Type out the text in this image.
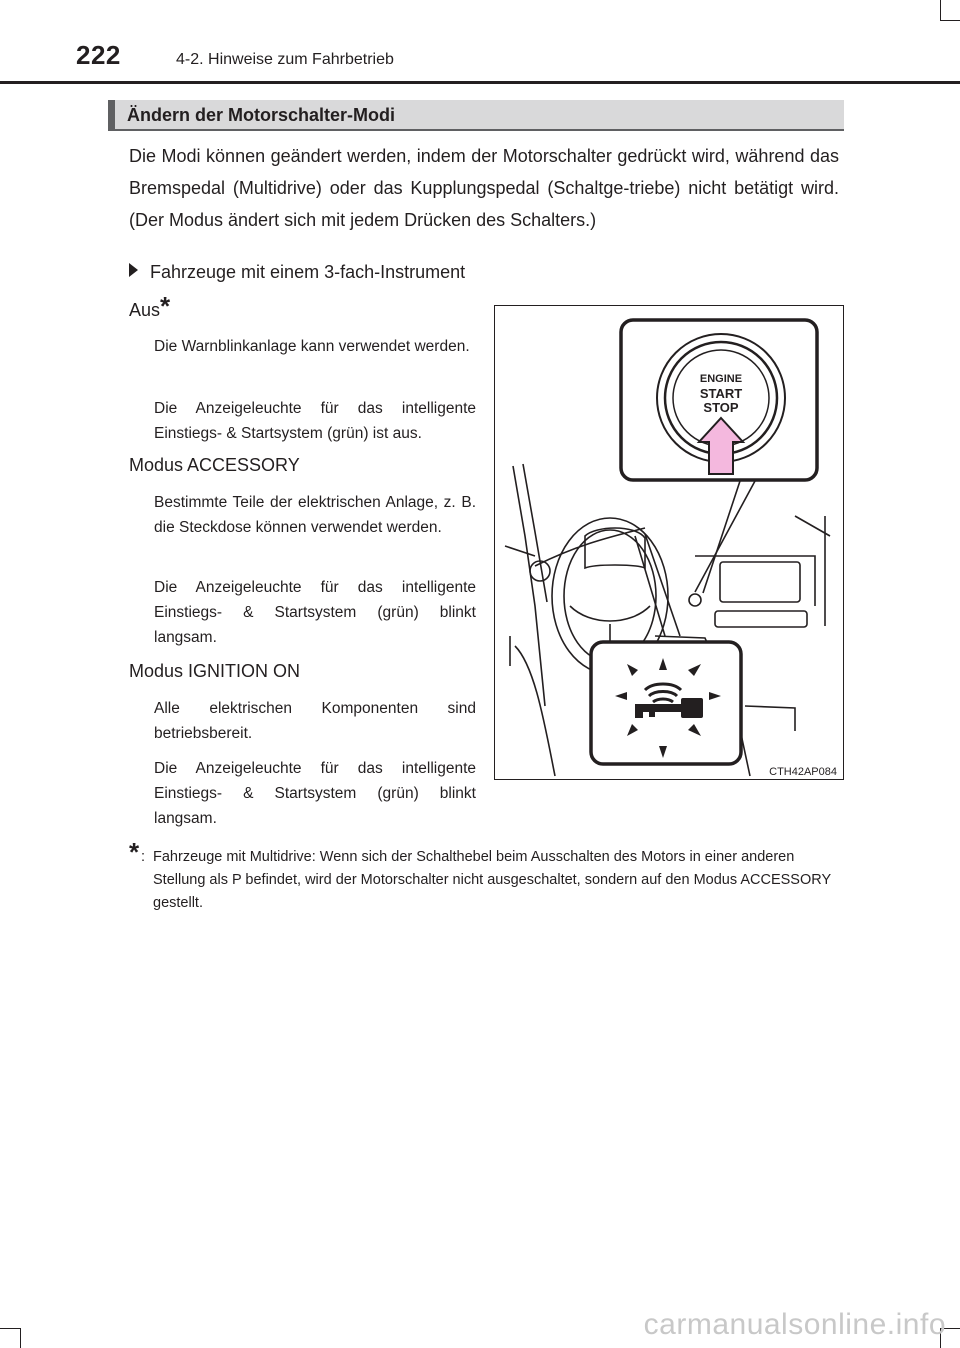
222	4-2. Hinweise zum Fahrbetrieb
Ändern der Motorschalter-Modi
Die Modi können geändert werden, indem der Motorschalter gedrückt wird, während das Bremspedal (Multidrive) oder das Kupplungspedal (Schaltge-triebe) nicht betätigt wird. (Der Modus ändert sich mit jedem Drücken des Schalters.)
Fahrzeuge mit einem 3-fach-Instrument
Aus*
Die Warnblinkanlage kann verwendet werden.
Die Anzeigeleuchte für das intelligente Einstiegs- & Startsystem (grün) ist aus.
Modus ACCESSORY
Bestimmte Teile der elektrischen Anlage, z. B. die Steckdose können verwendet werden.
Die Anzeigeleuchte für das intelligente Einstiegs- & Startsystem (grün) blinkt langsam.
Modus IGNITION ON
Alle elektrischen Komponenten sind betriebsbereit.
Die Anzeigeleuchte für das intelligente Einstiegs- & Startsystem (grün) blinkt langsam.
ENGINE
START
STOP
CTH42AP084
* : Fahrzeuge mit Multidrive: Wenn sich der Schalthebel beim Ausschalten des Motors in einer anderen Stellung als P befindet, wird der Motorschalter nicht ausgeschaltet, sondern auf den Modus ACCESSORY gestellt.
carmanualsonline.info
